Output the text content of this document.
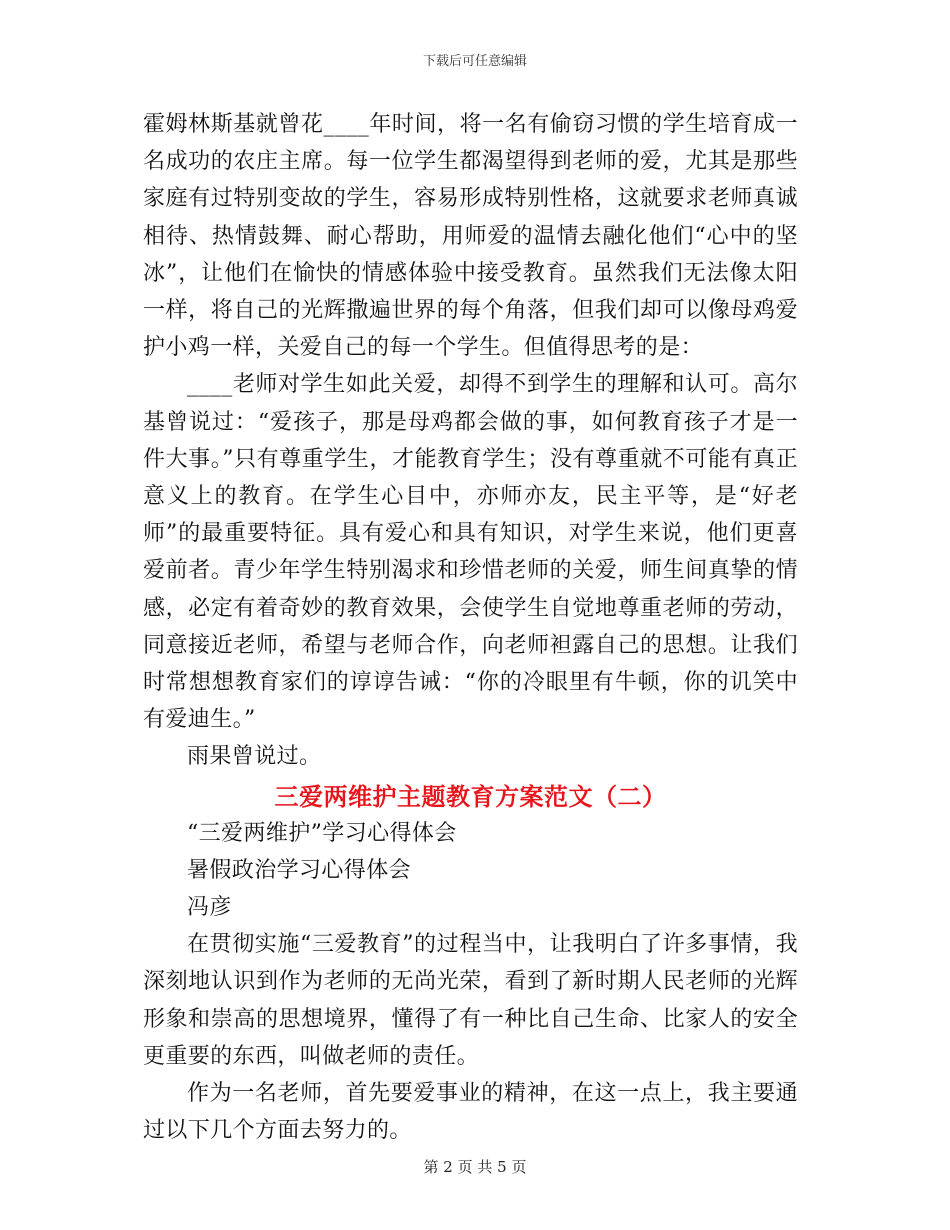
下载后可任意编辑

霍姆林斯基就曾花____年时间，将一名有偷窃习惯的学生培育成一名成功的农庄主席。每一位学生都渴望得到老师的爱，尤其是那些家庭有过特别变故的学生，容易形成特别性格，这就要求老师真诚相待、热情鼓舞、耐心帮助，用师爱的温情去融化他们“心中的坚冰”，让他们在愉快的情感体验中接受教育。虽然我们无法像太阳一样，将自己的光辉撒遍世界的每个角落，但我们却可以像母鸡爱护小鸡一样，关爱自己的每一个学生。但值得思考的是：

____老师对学生如此关爱，却得不到学生的理解和认可。高尔基曾说过：“爱孩子，那是母鸡都会做的事，如何教育孩子才是一件大事。”只有尊重学生，才能教育学生；没有尊重就不可能有真正意义上的教育。在学生心目中，亦师亦友，民主平等，是“好老师”的最重要特征。具有爱心和具有知识，对学生来说，他们更喜爱前者。青少年学生特别渴求和珍惜老师的关爱，师生间真挚的情感，必定有着奇妙的教育效果，会使学生自觉地尊重老师的劳动，同意接近老师，希望与老师合作，向老师袒露自己的思想。让我们时常想想教育家们的谆谆告诫：“你的冷眼里有牛顿，你的讥笑中有爱迪生。”

雨果曾说过。

三爱两维护主题教育方案范文（二）

“三爱两维护”学习心得体会

暑假政治学习心得体会

冯彦

在贯彻实施“三爱教育”的过程当中，让我明白了许多事情，我深刻地认识到作为老师的无尚光荣，看到了新时期人民老师的光辉形象和崇高的思想境界，懂得了有一种比自己生命、比家人的安全更重要的东西，叫做老师的责任。

作为一名老师，首先要爱事业的精神，在这一点上，我主要通过以下几个方面去努力的。

第 2 页 共 5 页
